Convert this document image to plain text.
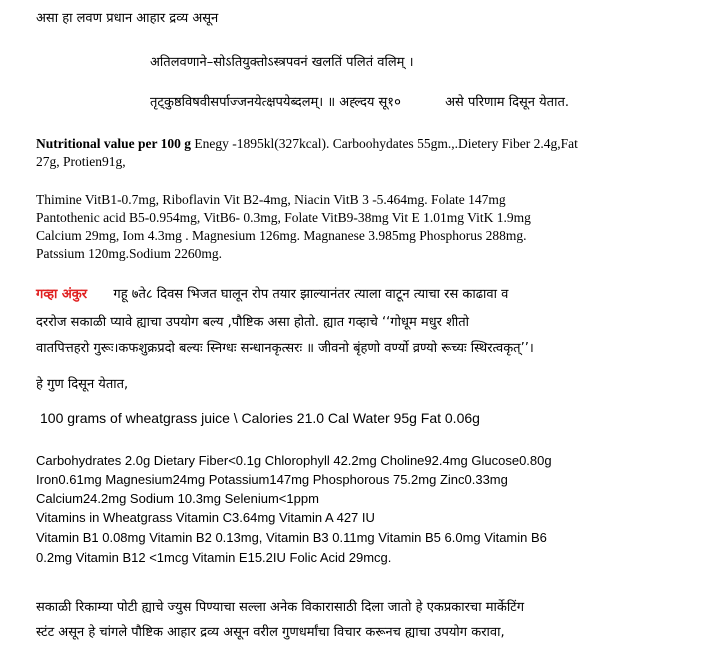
असा हा लवण प्रधान आहार द्रव्य असून
अतिलवणाने–सोऽतियुक्तोऽस्त्रपवनं खलतिं पलितं वलिम् ।
तृट्कुष्ठविषवीसर्पाज्जनयेत्क्षपयेब्दलम्। ॥ अह्ल्दय सू१०	असे परिणाम दिसून येतात.
Nutritional value per 100 g Enegy -1895kl(327kcal). Carboohydates 55gm.,.Dietery Fiber 2.4g,Fat
27g, Protien91g,
Thimine VitB1-0.7mg, Riboflavin Vit B2-4mg, Niacin VitB 3 -5.464mg. Folate 147mg
Pantothenic acid B5-0.954mg, VitB6- 0.3mg, Folate VitB9-38mg Vit E 1.01mg VitK 1.9mg
Calcium 29mg, Iom 4.3mg . Magnesium 126mg. Magnanese 3.985mg Phosphorus 288mg.
Patssium 120mg.Sodium 2260mg.
गव्हा अंकुर गहू ७ते८ दिवस भिजत घालून रोप तयार झाल्यानंतर त्याला वाटून त्याचा रस काढावा व
दररोज सकाळी प्यावे ह्याचा उपयोग बल्य ,पौष्टिक असा होतो. ह्यात गव्हाचे ‘‘गोधूम मधुर शीतो
वातपित्तहरो गुरूः।कफशुक्रप्रदो बल्यः स्निग्धः सन्धानकृत्सरः ॥ जीवनो बृंहणो वर्ण्यो व्रण्यो रूच्यः स्थिरत्वकृत्’’।
हे गुण दिसून येतात,
100 grams of wheatgrass juice \ Calories 21.0 Cal Water 95g Fat 0.06g
Carbohydrates 2.0g Dietary Fiber<0.1g Chlorophyll 42.2mg Choline92.4mg Glucose0.80g
Iron0.61mg Magnesium24mg Potassium147mg Phosphorous 75.2mg Zinc0.33mg
Calcium24.2mg Sodium 10.3mg Selenium<1ppm
Vitamins in Wheatgrass Vitamin C3.64mg Vitamin A 427 IU
Vitamin B1 0.08mg Vitamin B2 0.13mg, Vitamin B3 0.11mg Vitamin B5 6.0mg Vitamin B6
0.2mg Vitamin B12 <1mcg Vitamin E15.2IU Folic Acid 29mcg.
सकाळी रिकाम्या पोटी ह्याचे ज्युस पिण्याचा सल्ला अनेक विकारासाठी दिला जातो हे एकप्रकारचा मार्केटिंग
स्टंट असून हे चांगले पौष्टिक आहार द्रव्य असून वरील गुणधर्मांचा विचार करूनच ह्याचा उपयोग करावा,
